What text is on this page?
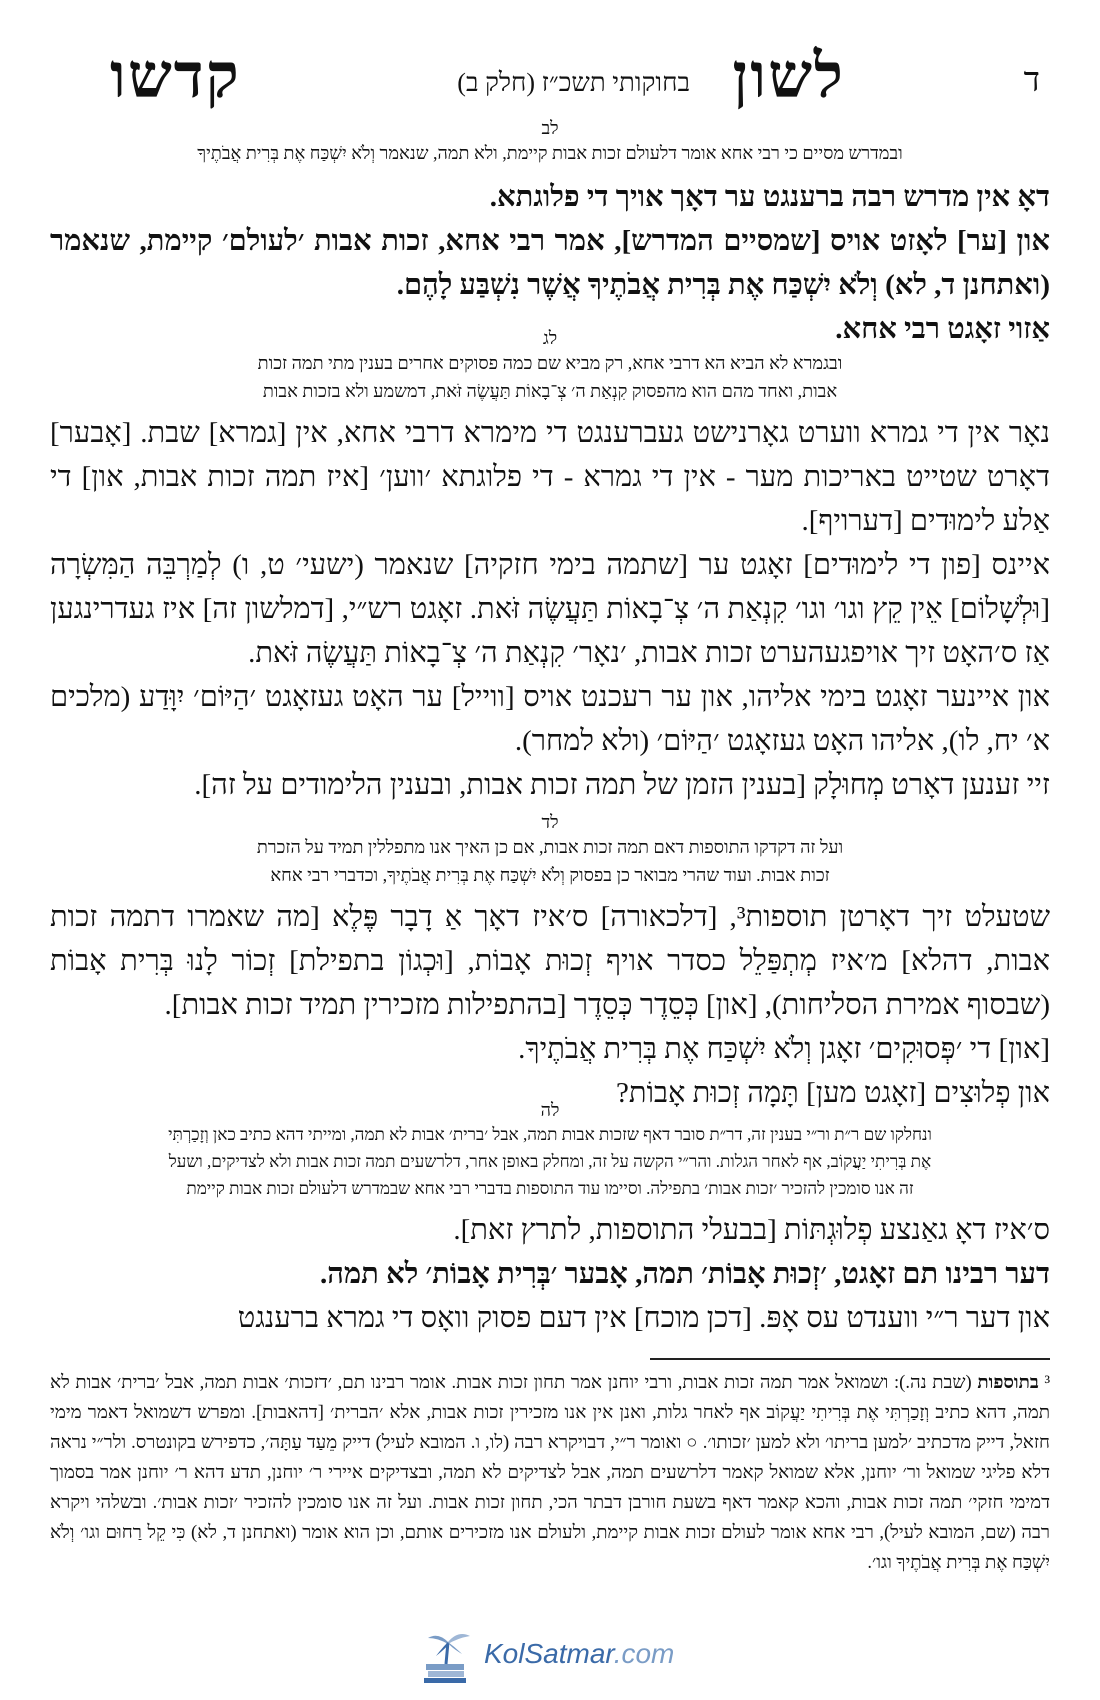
ד
לשון
בחוקותי תשכ״ז (חלק ב)
קדשו

לב

ובמדרש מסיים כי רבי אחא אומר דלעולם זכות אבות קיימת, ולא תמה, שנאמר וְלֹא יִשְׁכַּח אֶת בְּרִית אֲבֹתֶיךָ

דאָ אין מדרש רבה ברענגט ער דאָך אויך די פלוגתא.

און [ער] לאָזט אויס [שמסיים המדרש], אמר רבי אחא, זכות אבות ׳לעולם׳ קיימת, שנאמר (ואתחנן ד, לא) וְלֹא יִשְׁכַּח אֶת בְּרִית אֲבֹתֶיךָ אֲשֶׁר נִשְׁבַּע לָהֶם.

אַזוי זאָגט רבי אחא.

לג

ובגמרא לא הביא הא דרבי אחא, רק מביא שם כמה פסוקים אחרים בענין מתי תמה זכות

אבות, ואחד מהם הוא מהפסוק קִנְאַת ה׳ צְ־בָאוֹת תַּעֲשֶׂה זֹּאת, דמשמע ולא בזכות אבות

נאָר אין די גמרא ווערט גאָרנישט געברענגט די מימרא דרבי אחא, אין [גמרא] שבת. [אָבער] דאָרט שטייט באריכות מער - אין די גמרא - די פלוגתא ׳ווען׳ [איז תמה זכות אבות, און] די אַלע לימוּדים [דערויף].

איינס [פון די לימוּדים] זאָגט ער [שתמה בימי חזקיה] שנאמר (ישעי׳ ט, ו) לְמַרְבֵּה הַמִּשְׂרָה [וּלְשָׁלוֹם] אֵין קֵץ וגו׳ וגו׳ קִנְאַת ה׳ צְ־בָאוֹת תַּעֲשֶׂה זֹּאת. זאָגט רש״י, [דמלשון זה] איז געדרינגען אַז ס׳האָט זיך אויפגעהערט זכות אבות, ׳נאָר׳ קִנְאַת ה׳ צְ־בָאוֹת תַּעֲשֶׂה זֹּאת.

און איינער זאָגט בימי אליהו, און ער רעכנט אויס [ווייל] ער האָט געזאָגט ׳הַיּוֹם׳ יִוָּדַע (מלכים א׳ יח, לו), אליהו האָט געזאָגט ׳הַיּוֹם׳ (ולא למחר).

זיי זענען דאָרט מְחוּלָק [בענין הזמן של תמה זכות אבות, ובענין הלימודים על זה].

לד

ועל זה דקדקו התוספות דאם תמה זכות אבות, אם כן האיך אנו מתפללין תמיד על הזכרת

זכות אבות. ועוד שהרי מבואר כן בפסוק וְלֹא יִשְׁכַּח אֶת בְּרִית אֲבֹתֶיךָ, וכדברי רבי אחא

שטעלט זיך דאָרטן תוספות³, [דלכאורה] ס׳איז דאָך אַ דָבָר פֶּלֶא [מה שאמרו דתמה זכות אבות, דהלא] מ׳איז מְתְפַּלֵל כסדר אויף זְכוּת אָבוֹת, [וּכְגוֹן בתפילת] זְכוֹר לָנוּ בְּרִית אָבוֹת (שבסוף אמירת הסליחות), [און] כְּסֵדֶר כְּסֵדֶר [בהתפילות מזכירין תמיד זכות אבות].

[און] די ׳פְּסוּקִים׳ זאָגן וְלֹא יִשְׁכַּח אֶת בְּרִית אֲבֹתֶיךָ.

און פְלוּצִים [זאָגט מען] תָּמָה זְכוּת אָבוֹת?

לה

ונחלקו שם ר״ת ור״י בענין זה, דר״ת סובר דאף שזכות אבות תמה, אבל ׳ברית׳ אבות לא תמה, ומייתי דהא כתיב כאן וְזָכַרְתִּי

אֶת בְּרִיתִי יַעֲקוֹב, אף לאחר הגלות. והר״י הקשה על זה, ומחלק באופן אחר, דלרשעים תמה זכות אבות ולא לצדיקים, ושעל

זה אנו סומכין להזכיר ׳זכות אבות׳ בתפילה. וסיימו עוד התוספות בדברי רבי אחא שבמדרש דלעולם זכות אבות קיימת

ס׳איז דאָ גאַנצע פְלוּגְתּוֹת [בבעלי התוספות, לתרץ זאת].

דער רבינו תם זאָגט, ׳זְכוּת אָבוֹת׳ תמה, אָבער ׳בְּרִית אָבוֹת׳ לא תמה.

און דער ר״י ווענדט עס אָפּ. [דכן מוכח] אין דעם פסוק וואָס די גמרא ברענגט

³ בתוספות (שבת נה.): ושמואל אמר תמה זכות אבות, ורבי יוחנן אמר תחון זכות אבות. אומר רבינו תם, ׳דזכות׳ אבות תמה, אבל ׳ברית׳ אבות לא תמה, דהא כתיב וְזָכַרְתִּי אֶת בְּרִיתִי יַעֲקוֹב אף לאחר גלות, ואנן אין אנו מזכירין זכות אבות, אלא ׳הברית׳ [דהאבות]. ומפרש דשמואל דאמר מימי חזאל, דייק מדכתיב ׳למען בריתו׳ ולא למען ׳זכותו׳. ○ ואומר ר״י, דבויקרא רבה (לו, ו. המובא לעיל) דייק מֵעַד עַתָּה׳, כדפירש בקונטרס. ולר״י נראה דלא פליגי שמואל ור׳ יוחנן, אלא שמואל קאמר דלרשעים תמה, אבל לצדיקים לא תמה, ובצדיקים איירי ר׳ יוחנן, תדע דהא ר׳ יוחנן אמר בסמוך דמימי חזקי׳ תמה זכות אבות, והכא קאמר דאף בשעת חורבן דבתר הכי, תחון זכות אבות. ועל זה אנו סומכין להזכיר ׳זכות אבות׳. ובשלהי ויקרא רבה (שם, המובא לעיל), רבי אחא אומר לעולם זכות אבות קיימת, ולעולם אנו מזכירים אותם, וכן הוא אומר (ואתחנן ד, לא) כִּי קֵל רַחוּם וגו׳ וְלֹא יִשְׁכַּח אֶת בְּרִית אֲבֹתֶיךָ וגו׳.

KolSatmar.com
